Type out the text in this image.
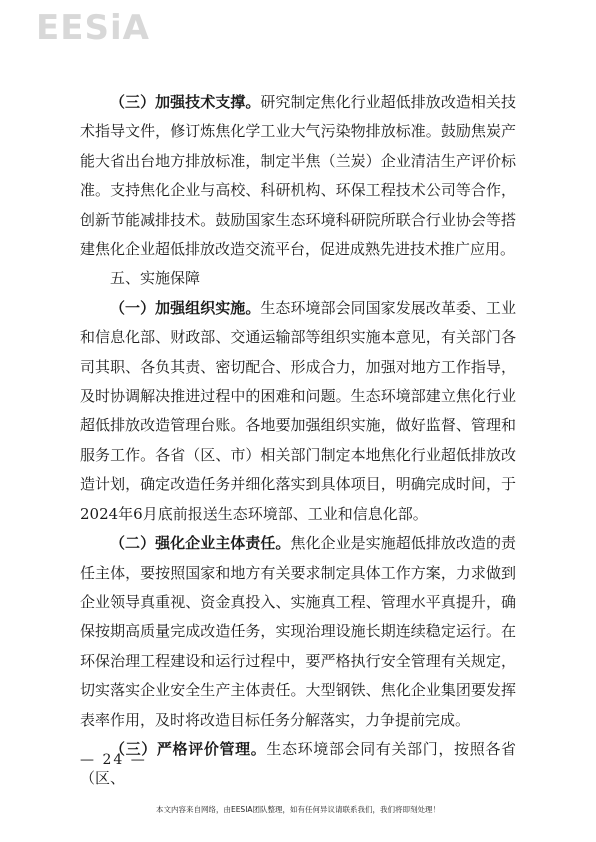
EESiA

（三）加强技术支撑。研究制定焦化行业超低排放改造相关技术指导文件，修订炼焦化学工业大气污染物排放标准。鼓励焦炭产能大省出台地方排放标准，制定半焦（兰炭）企业清洁生产评价标准。支持焦化企业与高校、科研机构、环保工程技术公司等合作，创新节能减排技术。鼓励国家生态环境科研院所联合行业协会等搭建焦化企业超低排放改造交流平台，促进成熟先进技术推广应用。

五、实施保障

（一）加强组织实施。生态环境部会同国家发展改革委、工业和信息化部、财政部、交通运输部等组织实施本意见，有关部门各司其职、各负其责、密切配合、形成合力，加强对地方工作指导，及时协调解决推进过程中的困难和问题。生态环境部建立焦化行业超低排放改造管理台账。各地要加强组织实施，做好监督、管理和服务工作。各省（区、市）相关部门制定本地焦化行业超低排放改造计划，确定改造任务并细化落实到具体项目，明确完成时间，于2024年6月底前报送生态环境部、工业和信息化部。

（二）强化企业主体责任。焦化企业是实施超低排放改造的责任主体，要按照国家和地方有关要求制定具体工作方案，力求做到企业领导真重视、资金真投入、实施真工程、管理水平真提升，确保按期高质量完成改造任务，实现治理设施长期连续稳定运行。在环保治理工程建设和运行过程中，要严格执行安全管理有关规定，切实落实企业安全生产主体责任。大型钢铁、焦化企业集团要发挥表率作用，及时将改造目标任务分解落实，力争提前完成。

（三）严格评价管理。生态环境部会同有关部门，按照各省（区、

— 24 —
本文内容来自网络，由EESIA团队整理，如有任何异议请联系我们，我们将即刻处理！
